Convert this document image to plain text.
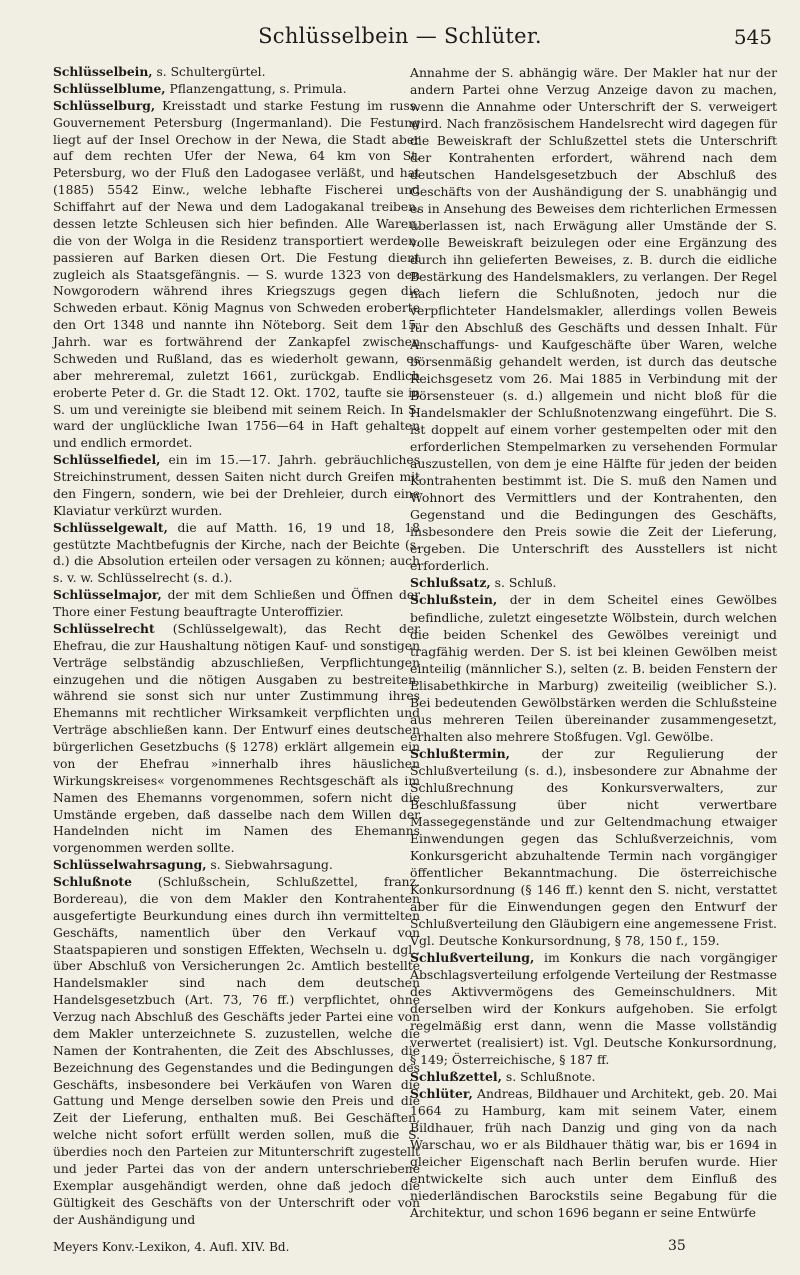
Schlüsselbein — Schlüter.	545

Schlüsselbein, s. Schultergürtel.

Schlüsselblume, Pflanzengattung, s. Primula.

Schlüsselburg, Kreisstadt und starke Festung im russ. Gouvernement Petersburg (Ingermanland). Die Festung liegt auf der Insel Orechow in der Newa, die Stadt aber auf dem rechten Ufer der Newa, 64 km von St. Petersburg, wo der Fluß den Ladogasee verläßt, und hat (1885) 5542 Einw., welche lebhafte Fischerei und Schiffahrt auf der Newa und dem Ladogakanal treiben, dessen letzte Schleusen sich hier befinden. Alle Waren, die von der Wolga in die Residenz transportiert werden, passieren auf Barken diesen Ort. Die Festung dient zugleich als Staatsgefängnis. — S. wurde 1323 von den Nowgorodern während ihres Kriegszugs gegen die Schweden erbaut. König Magnus von Schweden eroberte den Ort 1348 und nannte ihn Nöteborg. Seit dem 15. Jahrh. war es fortwährend der Zankapfel zwischen Schweden und Rußland, das es wiederholt gewann, es aber mehreremal, zuletzt 1661, zurückgab. Endlich eroberte Peter d. Gr. die Stadt 12. Okt. 1702, taufte sie in S. um und vereinigte sie bleibend mit seinem Reich. In S. ward der unglückliche Iwan 1756—64 in Haft gehalten und endlich ermordet.

Schlüsselfiedel, ein im 15.—17. Jahrh. gebräuchliches Streichinstrument, dessen Saiten nicht durch Greifen mit den Fingern, sondern, wie bei der Drehleier, durch eine Klaviatur verkürzt wurden.

Schlüsselgewalt, die auf Matth. 16, 19 und 18, 18 gestützte Machtbefugnis der Kirche, nach der Beichte (s. d.) die Absolution erteilen oder versagen zu können; auch s. v. w. Schlüsselrecht (s. d.).

Schlüsselmajor, der mit dem Schließen und Öffnen der Thore einer Festung beauftragte Unteroffizier.

Schlüsselrecht (Schlüsselgewalt), das Recht der Ehefrau, die zur Haushaltung nötigen Kauf- und sonstigen Verträge selbständig abzuschließen, Verpflichtungen einzugehen und die nötigen Ausgaben zu bestreiten, während sie sonst sich nur unter Zustimmung ihres Ehemanns mit rechtlicher Wirksamkeit verpflichten und Verträge abschließen kann. Der Entwurf eines deutschen bürgerlichen Gesetzbuchs (§ 1278) erklärt allgemein ein von der Ehefrau »innerhalb ihres häuslichen Wirkungskreises« vorgenommenes Rechtsgeschäft als im Namen des Ehemanns vorgenommen, sofern nicht die Umstände ergeben, daß dasselbe nach dem Willen der Handelnden nicht im Namen des Ehemanns vorgenommen werden sollte.

Schlüsselwahrsagung, s. Siebwahrsagung.

Schlußnote (Schlußschein, Schlußzettel, franz. Bordereau), die von dem Makler den Kontrahenten ausgefertigte Beurkundung eines durch ihn vermittelten Geschäfts, namentlich über den Verkauf von Staatspapieren und sonstigen Effekten, Wechseln u. dgl., über Abschluß von Versicherungen 2c. Amtlich bestellte Handelsmakler sind nach dem deutschen Handelsgesetzbuch (Art. 73, 76 ff.) verpflichtet, ohne Verzug nach Abschluß des Geschäfts jeder Partei eine von dem Makler unterzeichnete S. zuzustellen, welche die Namen der Kontrahenten, die Zeit des Abschlusses, die Bezeichnung des Gegenstandes und die Bedingungen des Geschäfts, insbesondere bei Verkäufen von Waren die Gattung und Menge derselben sowie den Preis und die Zeit der Lieferung, enthalten muß. Bei Geschäften, welche nicht sofort erfüllt werden sollen, muß die S. überdies noch den Parteien zur Mitunterschrift zugestellt und jeder Partei das von der andern unterschriebene Exemplar ausgehändigt werden, ohne daß jedoch die Gültigkeit des Geschäfts von der Unterschrift oder von der Aushändigung und

Annahme der S. abhängig wäre. Der Makler hat nur der andern Partei ohne Verzug Anzeige davon zu machen, wenn die Annahme oder Unterschrift der S. verweigert wird. Nach französischem Handelsrecht wird dagegen für die Beweiskraft der Schlußzettel stets die Unterschrift der Kontrahenten erfordert, während nach dem deutschen Handelsgesetzbuch der Abschluß des Geschäfts von der Aushändigung der S. unabhängig und es in Ansehung des Beweises dem richterlichen Ermessen überlassen ist, nach Erwägung aller Umstände der S. volle Beweiskraft beizulegen oder eine Ergänzung des durch ihn gelieferten Beweises, z. B. durch die eidliche Bestärkung des Handelsmaklers, zu verlangen. Der Regel nach liefern die Schlußnoten, jedoch nur die verpflichteter Handelsmakler, allerdings vollen Beweis für den Abschluß des Geschäfts und dessen Inhalt. Für Anschaffungs- und Kaufgeschäfte über Waren, welche börsenmäßig gehandelt werden, ist durch das deutsche Reichsgesetz vom 26. Mai 1885 in Verbindung mit der Börsensteuer (s. d.) allgemein und nicht bloß für die Handelsmakler der Schlußnotenzwang eingeführt. Die S. ist doppelt auf einem vorher gestempelten oder mit den erforderlichen Stempelmarken zu versehenden Formular auszustellen, von dem je eine Hälfte für jeden der beiden Kontrahenten bestimmt ist. Die S. muß den Namen und Wohnort des Vermittlers und der Kontrahenten, den Gegenstand und die Bedingungen des Geschäfts, insbesondere den Preis sowie die Zeit der Lieferung, ergeben. Die Unterschrift des Ausstellers ist nicht erforderlich.

Schlußsatz, s. Schluß.

Schlußstein, der in dem Scheitel eines Gewölbes befindliche, zuletzt eingesetzte Wölbstein, durch welchen die beiden Schenkel des Gewölbes vereinigt und tragfähig werden. Der S. ist bei kleinen Gewölben meist einteilig (männlicher S.), selten (z. B. beiden Fenstern der Elisabethkirche in Marburg) zweiteilig (weiblicher S.). Bei bedeutenden Gewölbstärken werden die Schlußsteine aus mehreren Teilen übereinander zusammengesetzt, erhalten also mehrere Stoßfugen. Vgl. Gewölbe.

Schlußtermin, der zur Regulierung der Schlußverteilung (s. d.), insbesondere zur Abnahme der Schlußrechnung des Konkursverwalters, zur Beschlußfassung über nicht verwertbare Massegegenstände und zur Geltendmachung etwaiger Einwendungen gegen das Schlußverzeichnis, vom Konkursgericht abzuhaltende Termin nach vorgängiger öffentlicher Bekanntmachung. Die österreichische Konkursordnung (§ 146 ff.) kennt den S. nicht, verstattet aber für die Einwendungen gegen den Entwurf der Schlußverteilung den Gläubigern eine angemessene Frist. Vgl. Deutsche Konkursordnung, § 78, 150 f., 159.

Schlußverteilung, im Konkurs die nach vorgängiger Abschlagsverteilung erfolgende Verteilung der Restmasse des Aktivvermögens des Gemeinschuldners. Mit derselben wird der Konkurs aufgehoben. Sie erfolgt regelmäßig erst dann, wenn die Masse vollständig verwertet (realisiert) ist. Vgl. Deutsche Konkursordnung, § 149; Österreichische, § 187 ff.

Schlußzettel, s. Schlußnote.

Schlüter, Andreas, Bildhauer und Architekt, geb. 20. Mai 1664 zu Hamburg, kam mit seinem Vater, einem Bildhauer, früh nach Danzig und ging von da nach Warschau, wo er als Bildhauer thätig war, bis er 1694 in gleicher Eigenschaft nach Berlin berufen wurde. Hier entwickelte sich auch unter dem Einfluß des niederländischen Barockstils seine Begabung für die Architektur, und schon 1696 begann er seine Entwürfe

Meyers Konv.-Lexikon, 4. Aufl. XIV. Bd.	35
